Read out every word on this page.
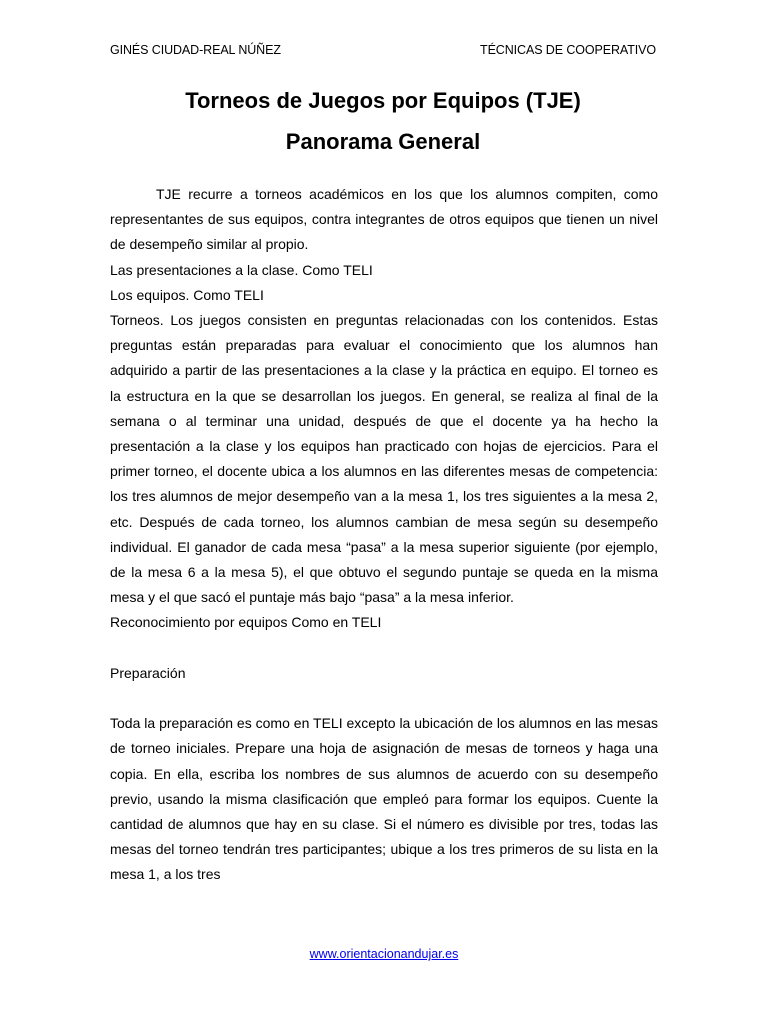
GINÉS CIUDAD-REAL NÚÑEZ	TÉCNICAS DE COOPERATIVO
Torneos de Juegos por Equipos (TJE)
Panorama General

TJE recurre a torneos académicos en los que los alumnos compiten, como representantes de sus equipos, contra integrantes de otros equipos que tienen un nivel de desempeño similar al propio.

Las presentaciones a la clase. Como TELI

Los equipos. Como TELI

Torneos. Los juegos consisten en preguntas relacionadas con los contenidos. Estas preguntas están preparadas para evaluar el conocimiento que los alumnos han adquirido a partir de las presentaciones a la clase y la práctica en equipo. El torneo es la estructura en la que se desarrollan los juegos. En general, se realiza al final de la semana o al terminar una unidad, después de que el docente ya ha hecho la presentación a la clase y los equipos han practicado con hojas de ejercicios. Para el primer torneo, el docente ubica a los alumnos en las diferentes mesas de competencia: los tres alumnos de mejor desempeño van a la mesa 1, los tres siguientes a la mesa 2, etc. Después de cada torneo, los alumnos cambian de mesa según su desempeño individual. El ganador de cada mesa “pasa” a la mesa superior siguiente (por ejemplo, de la mesa 6 a la mesa 5), el que obtuvo el segundo puntaje se queda en la misma mesa y el que sacó el puntaje más bajo “pasa” a la mesa inferior.

Reconocimiento por equipos Como en TELI

Preparación

Toda la preparación es como en TELI excepto la ubicación de los alumnos en las mesas de torneo iniciales. Prepare una hoja de asignación de mesas de torneos y haga una copia. En ella, escriba los nombres de sus alumnos de acuerdo con su desempeño previo, usando la misma clasificación que empleó para formar los equipos. Cuente la cantidad de alumnos que hay en su clase. Si el número es divisible por tres, todas las mesas del torneo tendrán tres participantes; ubique a los tres primeros de su lista en la mesa 1, a los tres

www.orientacionandujar.es
